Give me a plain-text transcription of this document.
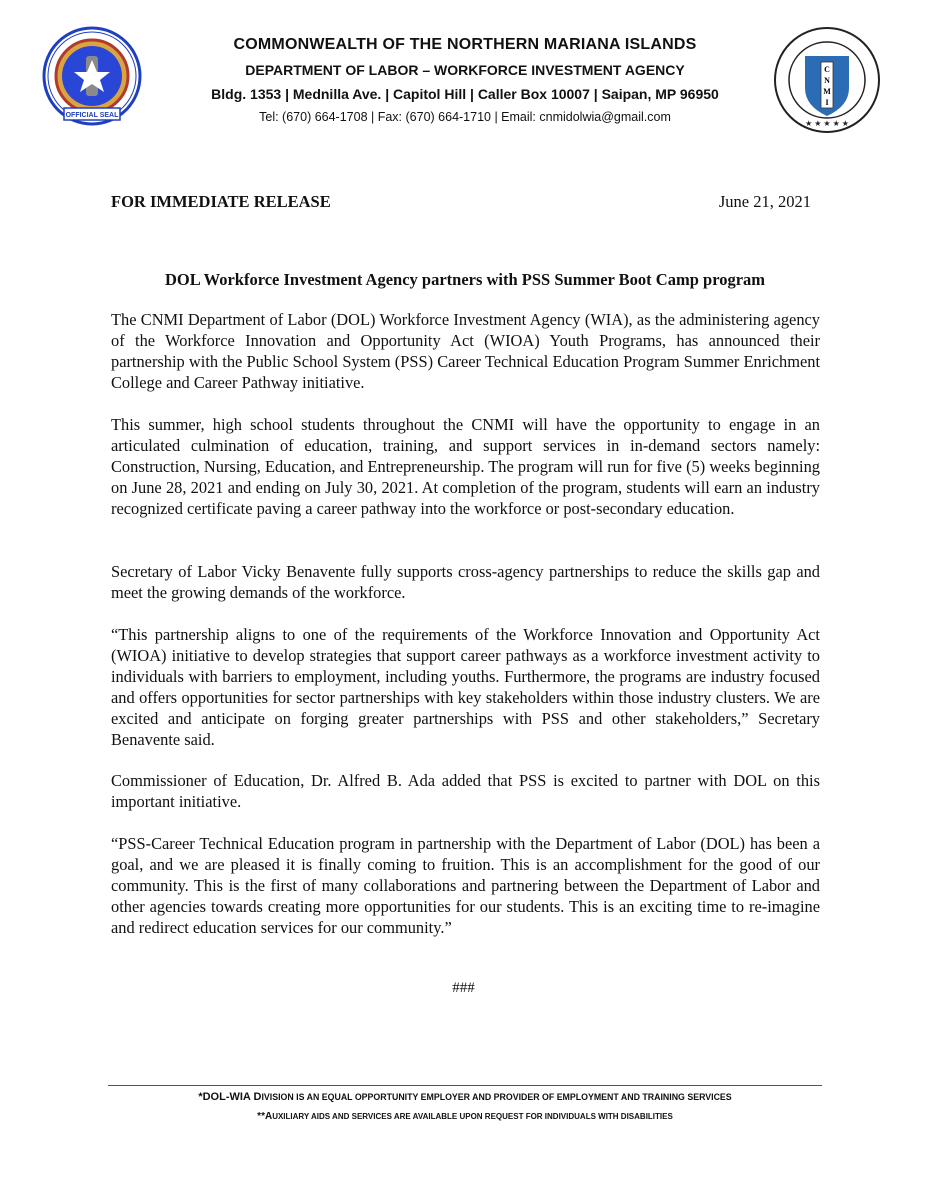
OFFICIAL SEAL
COMMONWEALTH OF THE NORTHERN MARIANA ISLANDS
DEPARTMENT OF LABOR – WORKFORCE INVESTMENT AGENCY
Bldg. 1353 | Mednilla Ave. | Capitol Hill | Caller Box 10007 | Saipan, MP 96950
Tel: (670) 664-1708 | Fax: (670) 664-1710 | Email: cnmidolwia@gmail.com
C
N
M
I
★ ★ ★ ★ ★
FOR IMMEDIATE RELEASE	June 21, 2021
DOL Workforce Investment Agency partners with PSS Summer Boot Camp program
The CNMI Department of Labor (DOL) Workforce Investment Agency (WIA), as the administering agency of the Workforce Innovation and Opportunity Act (WIOA) Youth Programs, has announced their partnership with the Public School System (PSS) Career Technical Education Program Summer Enrichment College and Career Pathway initiative.
This summer, high school students throughout the CNMI will have the opportunity to engage in an articulated culmination of education, training, and support services in in-demand sectors namely: Construction, Nursing, Education, and Entrepreneurship. The program will run for five (5) weeks beginning on June 28, 2021 and ending on July 30, 2021. At completion of the program, students will earn an industry recognized certificate paving a career pathway into the workforce or post-secondary education.
Secretary of Labor Vicky Benavente fully supports cross-agency partnerships to reduce the skills gap and meet the growing demands of the workforce.
“This partnership aligns to one of the requirements of the Workforce Innovation and Opportunity Act (WIOA) initiative to develop strategies that support career pathways as a workforce investment activity to individuals with barriers to employment, including youths. Furthermore, the programs are industry focused and offers opportunities for sector partnerships with key stakeholders within those industry clusters. We are excited and anticipate on forging greater partnerships with PSS and other stakeholders,” Secretary Benavente said.
Commissioner of Education, Dr. Alfred B. Ada added that PSS is excited to partner with DOL on this important initiative.
“PSS-Career Technical Education program in partnership with the Department of Labor (DOL) has been a goal, and we are pleased it is finally coming to fruition. This is an accomplishment for the good of our community. This is the first of many collaborations and partnering between the Department of Labor and other agencies towards creating more opportunities for our students. This is an exciting time to re-imagine and redirect education services for our community.”
###
*DOL-WIA DIVISION IS AN EQUAL OPPORTUNITY EMPLOYER AND PROVIDER OF EMPLOYMENT AND TRAINING SERVICES
**AUXILIARY AIDS AND SERVICES ARE AVAILABLE UPON REQUEST FOR INDIVIDUALS WITH DISABILITIES
